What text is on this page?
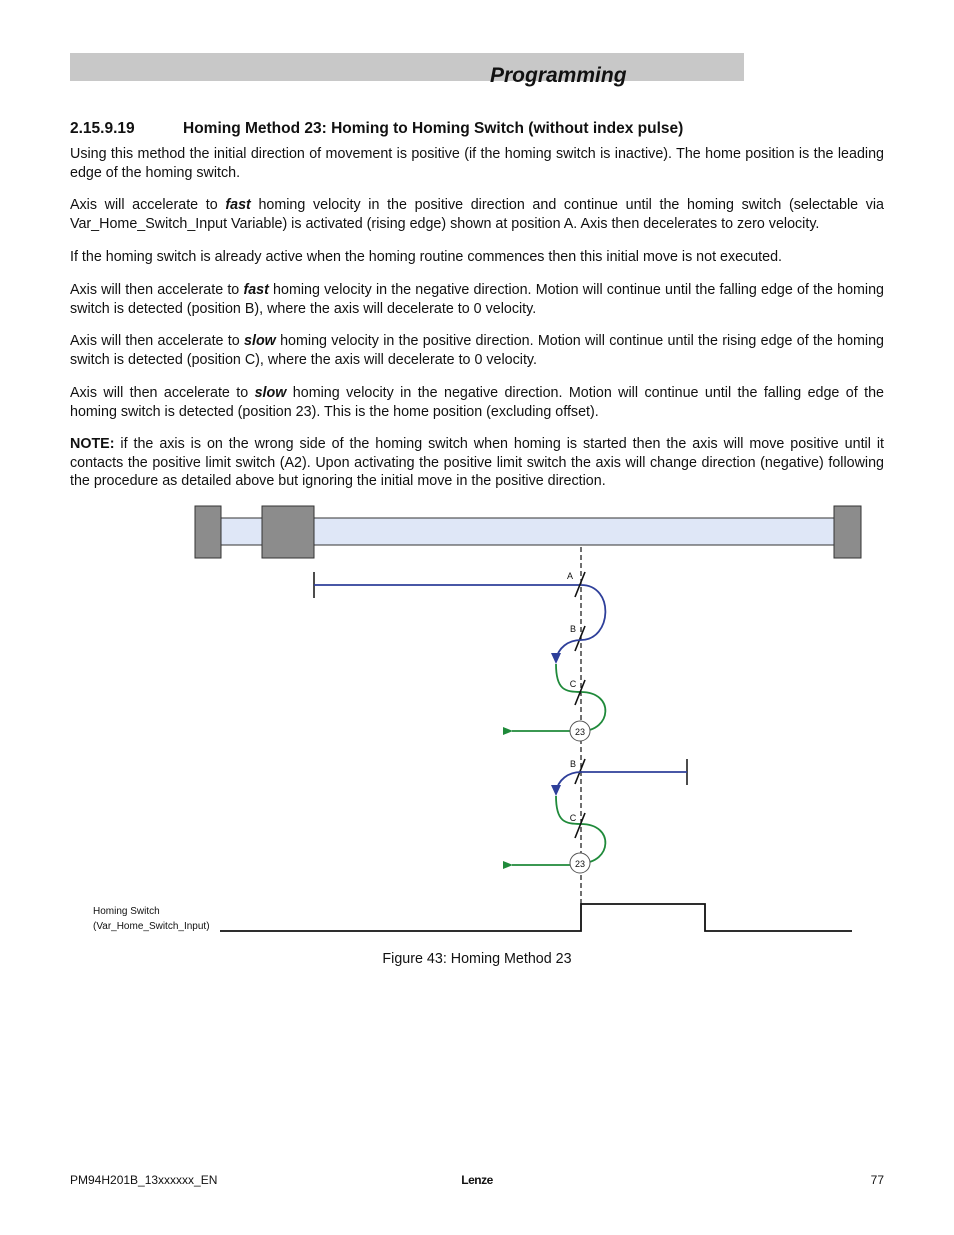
Programming
2.15.9.19	Homing Method 23: Homing to Homing Switch (without index pulse)
Using this method the initial direction of movement is positive (if the homing switch is inactive). The home position is the leading edge of the homing switch.
Axis will accelerate to fast homing velocity in the positive direction and continue until the homing switch (selectable via Var_Home_Switch_Input Variable) is activated (rising edge) shown at position A. Axis then decelerates to zero velocity.
If the homing switch is already active when the homing routine commences then this initial move is not executed.
Axis will then accelerate to fast homing velocity in the negative direction. Motion will continue until the falling edge of the homing switch is detected (position B), where the axis will decelerate to 0 velocity.
Axis will then accelerate to slow homing velocity in the positive direction. Motion will continue until the rising edge of the homing switch is detected (position C), where the axis will decelerate to 0 velocity.
Axis will then accelerate to slow homing velocity in the negative direction. Motion will continue until the falling edge of the homing switch is detected (position 23). This is the home position (excluding offset).
NOTE: if the axis is on the wrong side of the homing switch when homing is started then the axis will move positive until it contacts the positive limit switch (A2). Upon activating the positive limit switch the axis will change direction (negative) following the procedure as detailed above but ignoring the initial move in the positive direction.
A
B
C
23
B
C
23
Homing Switch
(Var_Home_Switch_Input)
Figure 43: Homing Method 23
PM94H201B_13xxxxxx_EN	Lenze	77
